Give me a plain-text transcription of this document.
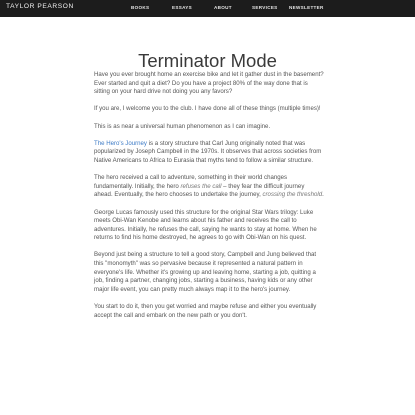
TAYLOR PEARSON	BOOKS	ESSAYS	ABOUT	SERVICES NEWSLETTER
Terminator Mode

Have you ever brought home an exercise bike and let it gather dust in the basement? Ever started and quit a diet? Do you have a project 80% of the way done that is sitting on your hard drive not doing you any favors?

If you are, I welcome you to the club. I have done all of these things (multiple times)!

This is as near a universal human phenomenon as I can imagine.

The Hero's Journey is a story structure that Carl Jung originally noted that was popularized by Joseph Campbell in the 1970s. It observes that across societies from Native Americans to Africa to Eurasia that myths tend to follow a similar structure.

The hero received a call to adventure, something in their world changes fundamentally. Initially, the hero refuses the call – they fear the difficult journey ahead. Eventually, the hero chooses to undertake the journey, crossing the threshold.

George Lucas famously used this structure for the original Star Wars trilogy: Luke meets Obi-Wan Kenobe and learns about his father and receives the call to adventures. Initially, he refuses the call, saying he wants to stay at home. When he returns to find his home destroyed, he agrees to go with Obi-Wan on his quest.

Beyond just being a structure to tell a good story, Campbell and Jung believed that this "monomyth" was so pervasive because it represented a natural pattern in everyone's life. Whether it's growing up and leaving home, starting a job, quitting a job, finding a partner, changing jobs, starting a business, having kids or any other major life event, you can pretty much always map it to the hero's journey.

You start to do it, then you get worried and maybe refuse and either you eventually accept the call and embark on the new path or you don't.
